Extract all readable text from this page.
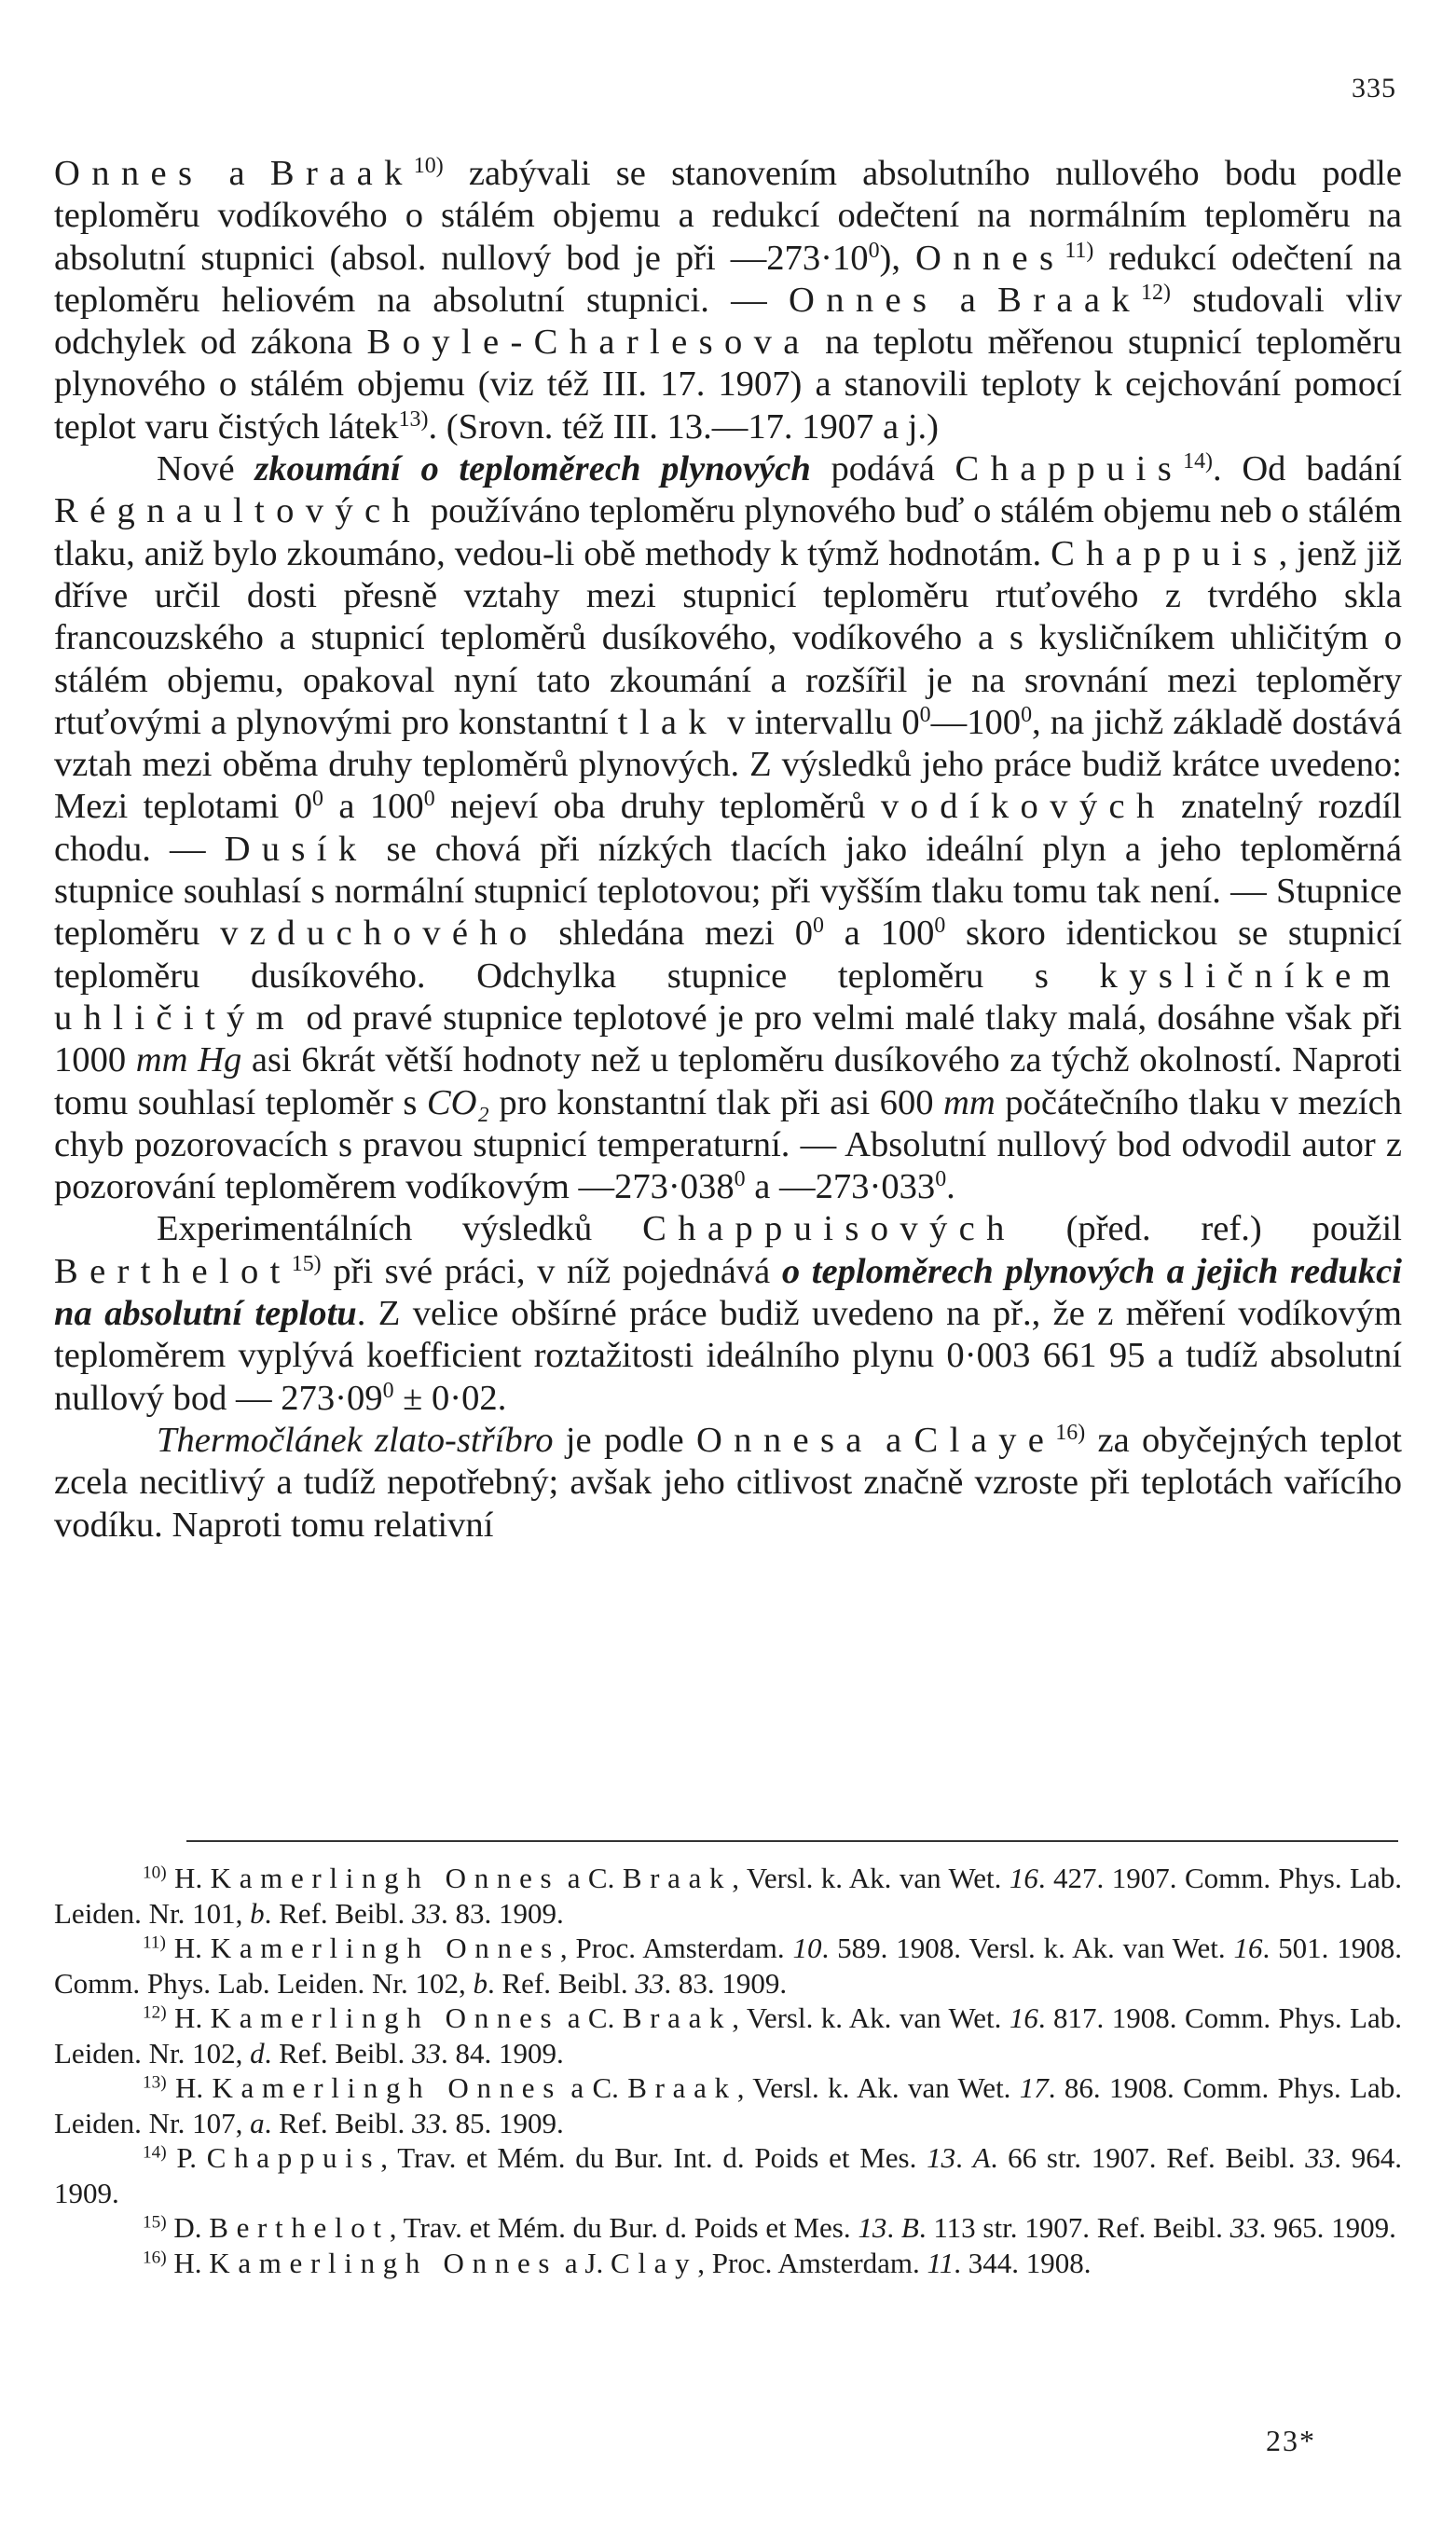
335

Onnes a Braak$^{10)}$ zabývali se stanovením absolutního nullového bodu podle teploměru vodíkového o stálém objemu a redukcí odečtení na normálním teploměru na absolutní stupnici (absol. nullový bod je při $—273\cdot 10^0$), Onnes$^{11)}$ redukcí odečtení na teploměru heliovém na absolutní stupnici. — Onnes a Braak$^{12)}$ studovali vliv odchylek od zákona Boyle-Charlesova na teplotu měřenou stupnicí teploměru plynového o stálém objemu (viz též III. 17. 1907) a stanovili teploty k cejchování pomocí teplot varu čistých látek$^{13)}$. (Srovn. též III. 13.—17. 1907 a j.)

Nové zkoumání o teploměrech plynových podává Chappuis$^{14)}$. Od badání Régnaultových používáno teploměru plynového buď o stálém objemu neb o stálém tlaku, aniž bylo zkoumáno, vedou-li obě methody k týmž hodnotám. Chappuis, jenž již dříve určil dosti přesně vztahy mezi stupnicí teploměru rtuťového z tvrdého skla francouzského a stupnicí teploměrů dusíkového, vodíkového a s kysličníkem uhličitým o stálém objemu, opakoval nyní tato zkoumání a rozšířil je na srovnání mezi teploměry rtuťovými a plynovými pro konstantní tlak v intervallu $0^0—100^0$, na jichž základě dostává vztah mezi oběma druhy teploměrů plynových. Z výsledků jeho práce budiž krátce uvedeno: Mezi teplotami $0^0$ a $100^0$ nejeví oba druhy teploměrů vodíkových znatelný rozdíl chodu. — Dusík se chová při nízkých tlacích jako ideální plyn a jeho teploměrná stupnice souhlasí s normální stupnicí teplotovou; při vyšším tlaku tomu tak není. — Stupnice teploměru vzduchového shledána mezi $0^0$ a $100^0$ skoro identickou se stupnicí teploměru dusíkového. Odchylka stupnice teploměru s kysličníkem uhličitým od pravé stupnice teplotové je pro velmi malé tlaky malá, dosáhne však při 1000 mm Hg asi 6krát větší hodnoty než u teploměru dusíkového za týchž okolností. Naproti tomu souhlasí teploměr s CO₂ pro konstantní tlak při asi 600 mm počátečního tlaku v mezích chyb pozorovacích s pravou stupnicí temperaturní. — Absolutní nullový bod odvodil autor z pozorování teploměrem vodíkovým $—273\cdot 038^0$ a $—273\cdot 033^0$.

Experimentálních výsledků Chappuisových (před. ref.) použil Berthelot$^{15)}$ při své práci, v níž pojednává o teploměrech plynových a jejich redukci na absolutní teplotu. Z velice obšírné práce budiž uvedeno na př., že z měření vodíkovým teploměrem vyplývá koefficient roztažitosti ideálního plynu 0·003 661 95 a tudíž absolutní nullový bod — $273\cdot 09^0 \pm 0\cdot 02$.

Thermočlánek zlato-stříbro je podle Onnesa a Claye$^{16)}$ za obyčejných teplot zcela necitlivý a tudíž nepotřebný; avšak jeho citlivost značně vzroste při teplotách vařícího vodíku. Naproti tomu relativní

$^{10)}$ H. Kamerlingh Onnes a C. Braak, Versl. k. Ak. van Wet. 16. 427. 1907. Comm. Phys. Lab. Leiden. Nr. 101, b. Ref. Beibl. 33. 83. 1909.

$^{11)}$ H. Kamerlingh Onnes, Proc. Amsterdam. 10. 589. 1908. Versl. k. Ak. van Wet. 16. 501. 1908. Comm. Phys. Lab. Leiden. Nr. 102, b. Ref. Beibl. 33. 83. 1909.

$^{12)}$ H. Kamerlingh Onnes a C. Braak, Versl. k. Ak. van Wet. 16. 817. 1908. Comm. Phys. Lab. Leiden. Nr. 102, d. Ref. Beibl. 33. 84. 1909.

$^{13)}$ H. Kamerlingh Onnes a C. Braak, Versl. k. Ak. van Wet. 17. 86. 1908. Comm. Phys. Lab. Leiden. Nr. 107, a. Ref. Beibl. 33. 85. 1909.

$^{14)}$ P. Chappuis, Trav. et Mém. du Bur. Int. d. Poids et Mes. 13. A. 66 str. 1907. Ref. Beibl. 33. 964. 1909.

$^{15)}$ D. Berthelot, Trav. et Mém. du Bur. d. Poids et Mes. 13. B. 113 str. 1907. Ref. Beibl. 33. 965. 1909.

$^{16)}$ H. Kamerlingh Onnes a J. Clay, Proc. Amsterdam. 11. 344. 1908.

23*
